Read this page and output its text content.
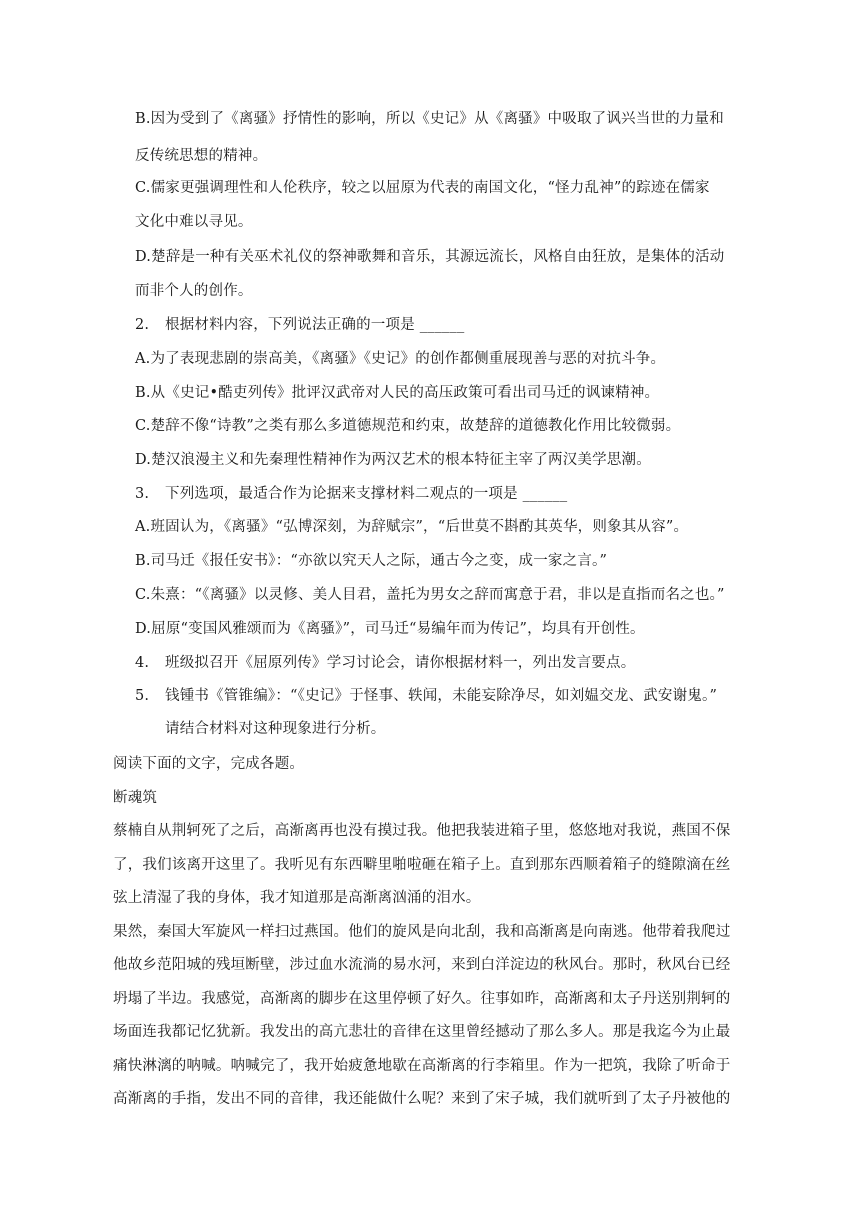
B.因为受到了《离骚》抒情性的影响，所以《史记》从《离骚》中吸取了讽兴当世的力量和
反传统思想的精神。
C.儒家更强调理性和人伦秩序，较之以屈原为代表的南国文化，“怪力乱神”的踪迹在儒家
文化中难以寻见。
D.楚辞是一种有关巫术礼仪的祭神歌舞和音乐，其源远流长，风格自由狂放，是集体的活动
而非个人的创作。
2. 根据材料内容，下列说法正确的一项是 ______
A.为了表现悲剧的崇高美，《离骚》《史记》的创作都侧重展现善与恶的对抗斗争。
B.从《史记•酷吏列传》批评汉武帝对人民的高压政策可看出司马迁的讽谏精神。
C.楚辞不像“诗教”之类有那么多道德规范和约束，故楚辞的道德教化作用比较微弱。
D.楚汉浪漫主义和先秦理性精神作为两汉艺术的根本特征主宰了两汉美学思潮。
3. 下列选项，最适合作为论据来支撑材料二观点的一项是 ______
A.班固认为，《离骚》“弘博深刻，为辞赋宗”，“后世莫不斟酌其英华，则象其从容”。
B.司马迁《报任安书》：“亦欲以究天人之际，通古今之变，成一家之言。”
C.朱熹：“《离骚》以灵修、美人目君，盖托为男女之辞而寓意于君，非以是直指而名之也。”
D.屈原“变国风雅颂而为《离骚》”，司马迁“易编年而为传记”，均具有开创性。
4. 班级拟召开《屈原列传》学习讨论会，请你根据材料一，列出发言要点。
5. 钱锺书《管锥编》：“《史记》于怪事、轶闻，未能妄除净尽，如刘媪交龙、武安谢鬼。”
请结合材料对这种现象进行分析。
阅读下面的文字，完成各题。
断魂筑
蔡楠自从荆轲死了之后，高渐离再也没有摸过我。他把我装进箱子里，悠悠地对我说，燕国不保
了，我们该离开这里了。我听见有东西噼里啪啦砸在箱子上。直到那东西顺着箱子的缝隙滴在丝
弦上清湿了我的身体，我才知道那是高渐离汹涌的泪水。
果然，秦国大军旋风一样扫过燕国。他们的旋风是向北刮，我和高渐离是向南逃。他带着我爬过
他故乡范阳城的残垣断壁，涉过血水流淌的易水河，来到白洋淀边的秋风台。那时，秋风台已经
坍塌了半边。我感觉，高渐离的脚步在这里停顿了好久。往事如昨，高渐离和太子丹送别荆轲的
场面连我都记忆犹新。我发出的高亢悲壮的音律在这里曾经撼动了那么多人。那是我迄今为止最
痛快淋漓的呐喊。呐喊完了，我开始疲惫地歇在高渐离的行李箱里。作为一把筑，我除了听命于
高渐离的手指，发出不同的音律，我还能做什么呢？来到了宋子城，我们就听到了太子丹被他的
